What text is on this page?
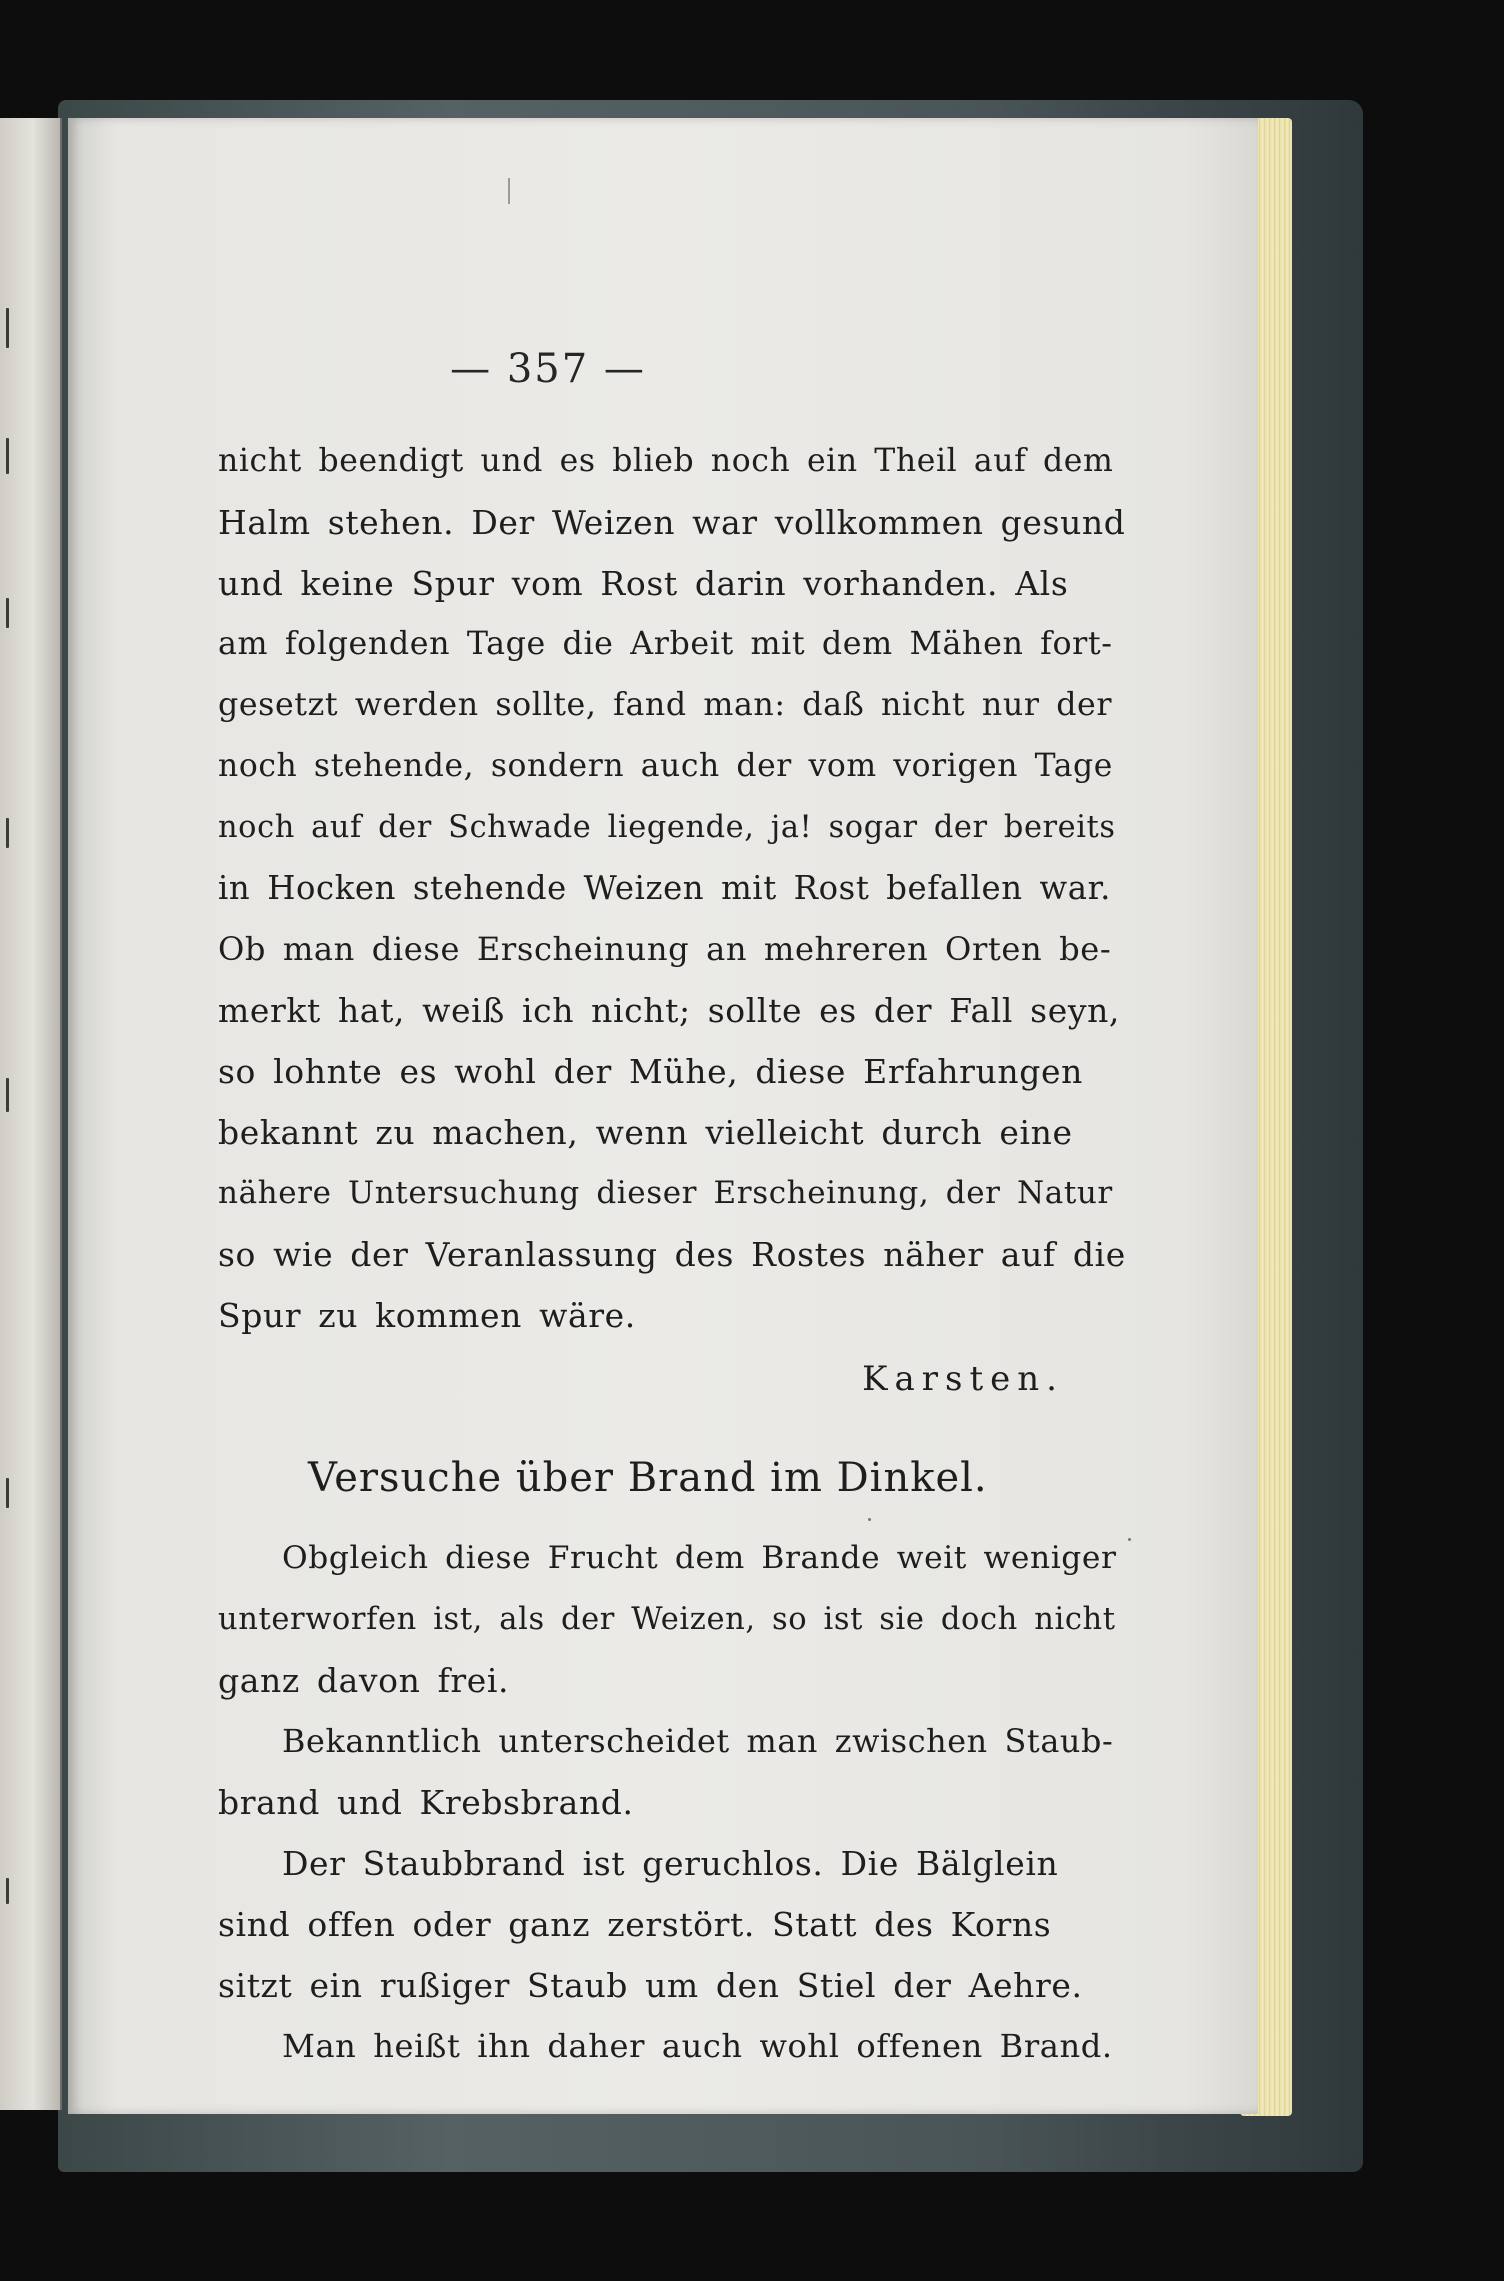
— 357 —
nicht beendigt und es blieb noch ein Theil auf dem
Halm stehen. Der Weizen war vollkommen gesund
und keine Spur vom Rost darin vorhanden. Als
am folgenden Tage die Arbeit mit dem Mähen fort-
gesetzt werden sollte, fand man: daß nicht nur der
noch stehende, sondern auch der vom vorigen Tage
noch auf der Schwade liegende, ja! sogar der bereits
in Hocken stehende Weizen mit Rost befallen war.
Ob man diese Erscheinung an mehreren Orten be-
merkt hat, weiß ich nicht; sollte es der Fall seyn,
so lohnte es wohl der Mühe, diese Erfahrungen
bekannt zu machen, wenn vielleicht durch eine
nähere Untersuchung dieser Erscheinung, der Natur
so wie der Veranlassung des Rostes näher auf die
Spur zu kommen wäre.
Karsten.
Versuche über Brand im Dinkel.
Obgleich diese Frucht dem Brande weit weniger
unterworfen ist, als der Weizen, so ist sie doch nicht
ganz davon frei.
Bekanntlich unterscheidet man zwischen Staub-
brand und Krebsbrand.
Der Staubbrand ist geruchlos. Die Bälglein
sind offen oder ganz zerstört. Statt des Korns
sitzt ein rußiger Staub um den Stiel der Aehre.
Man heißt ihn daher auch wohl offenen Brand.
